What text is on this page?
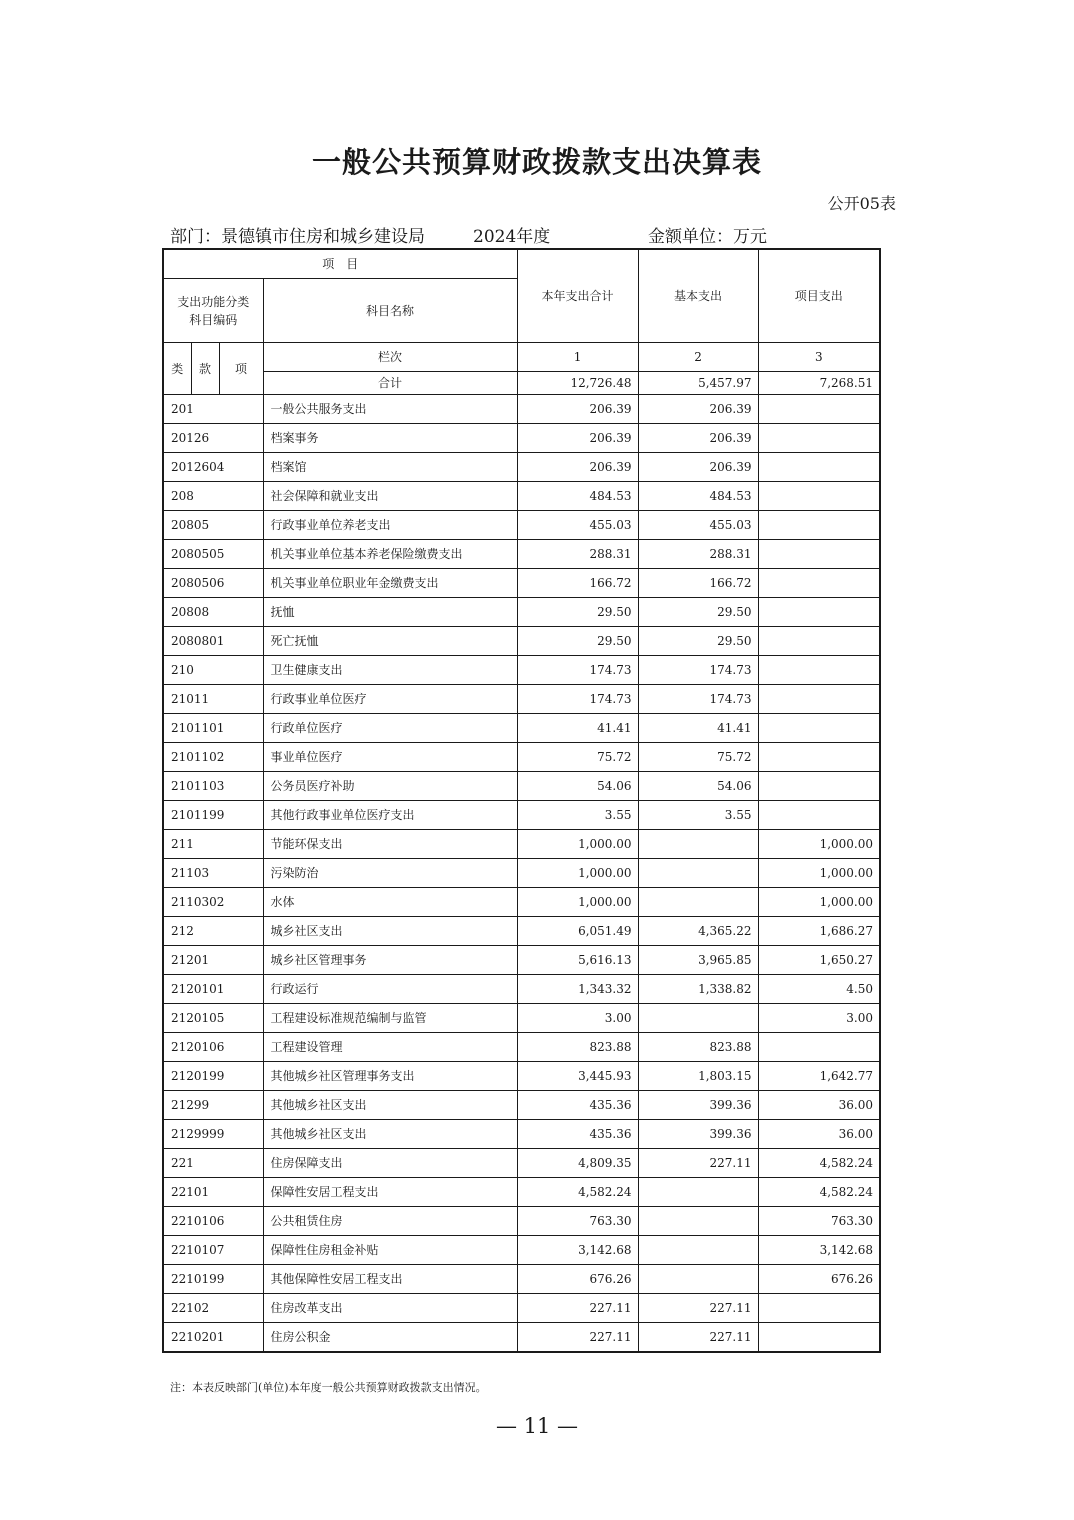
一般公共预算财政拨款支出决算表
公开05表
部门：景德镇市住房和城乡建设局	2024年度	金额单位：万元
项　目				本年支出合计	基本支出	项目支出
支出功能分类
科目编码			科目名称			
类	款	项	栏次	1	2	3
			合计	12,726.48	5,457.97	7,268.51
201			一般公共服务支出	206.39	206.39	
20126			档案事务	206.39	206.39	
2012604			档案馆	206.39	206.39	
208			社会保障和就业支出	484.53	484.53	
20805			行政事业单位养老支出	455.03	455.03	
2080505			机关事业单位基本养老保险缴费支出	288.31	288.31	
2080506			机关事业单位职业年金缴费支出	166.72	166.72	
20808			抚恤	29.50	29.50	
2080801			死亡抚恤	29.50	29.50	
210			卫生健康支出	174.73	174.73	
21011			行政事业单位医疗	174.73	174.73	
2101101			行政单位医疗	41.41	41.41	
2101102			事业单位医疗	75.72	75.72	
2101103			公务员医疗补助	54.06	54.06	
2101199			其他行政事业单位医疗支出	3.55	3.55	
211			节能环保支出	1,000.00		1,000.00
21103			污染防治	1,000.00		1,000.00
2110302			水体	1,000.00		1,000.00
212			城乡社区支出	6,051.49	4,365.22	1,686.27
21201			城乡社区管理事务	5,616.13	3,965.85	1,650.27
2120101			行政运行	1,343.32	1,338.82	4.50
2120105			工程建设标准规范编制与监管	3.00		3.00
2120106			工程建设管理	823.88	823.88	
2120199			其他城乡社区管理事务支出	3,445.93	1,803.15	1,642.77
21299			其他城乡社区支出	435.36	399.36	36.00
2129999			其他城乡社区支出	435.36	399.36	36.00
221			住房保障支出	4,809.35	227.11	4,582.24
22101			保障性安居工程支出	4,582.24		4,582.24
2210106			公共租赁住房	763.30		763.30
2210107			保障性住房租金补贴	3,142.68		3,142.68
2210199			其他保障性安居工程支出	676.26		676.26
22102			住房改革支出	227.11	227.11	
2210201			住房公积金	227.11	227.11	
注：本表反映部门(单位)本年度一般公共预算财政拨款支出情况。
— 11 —
